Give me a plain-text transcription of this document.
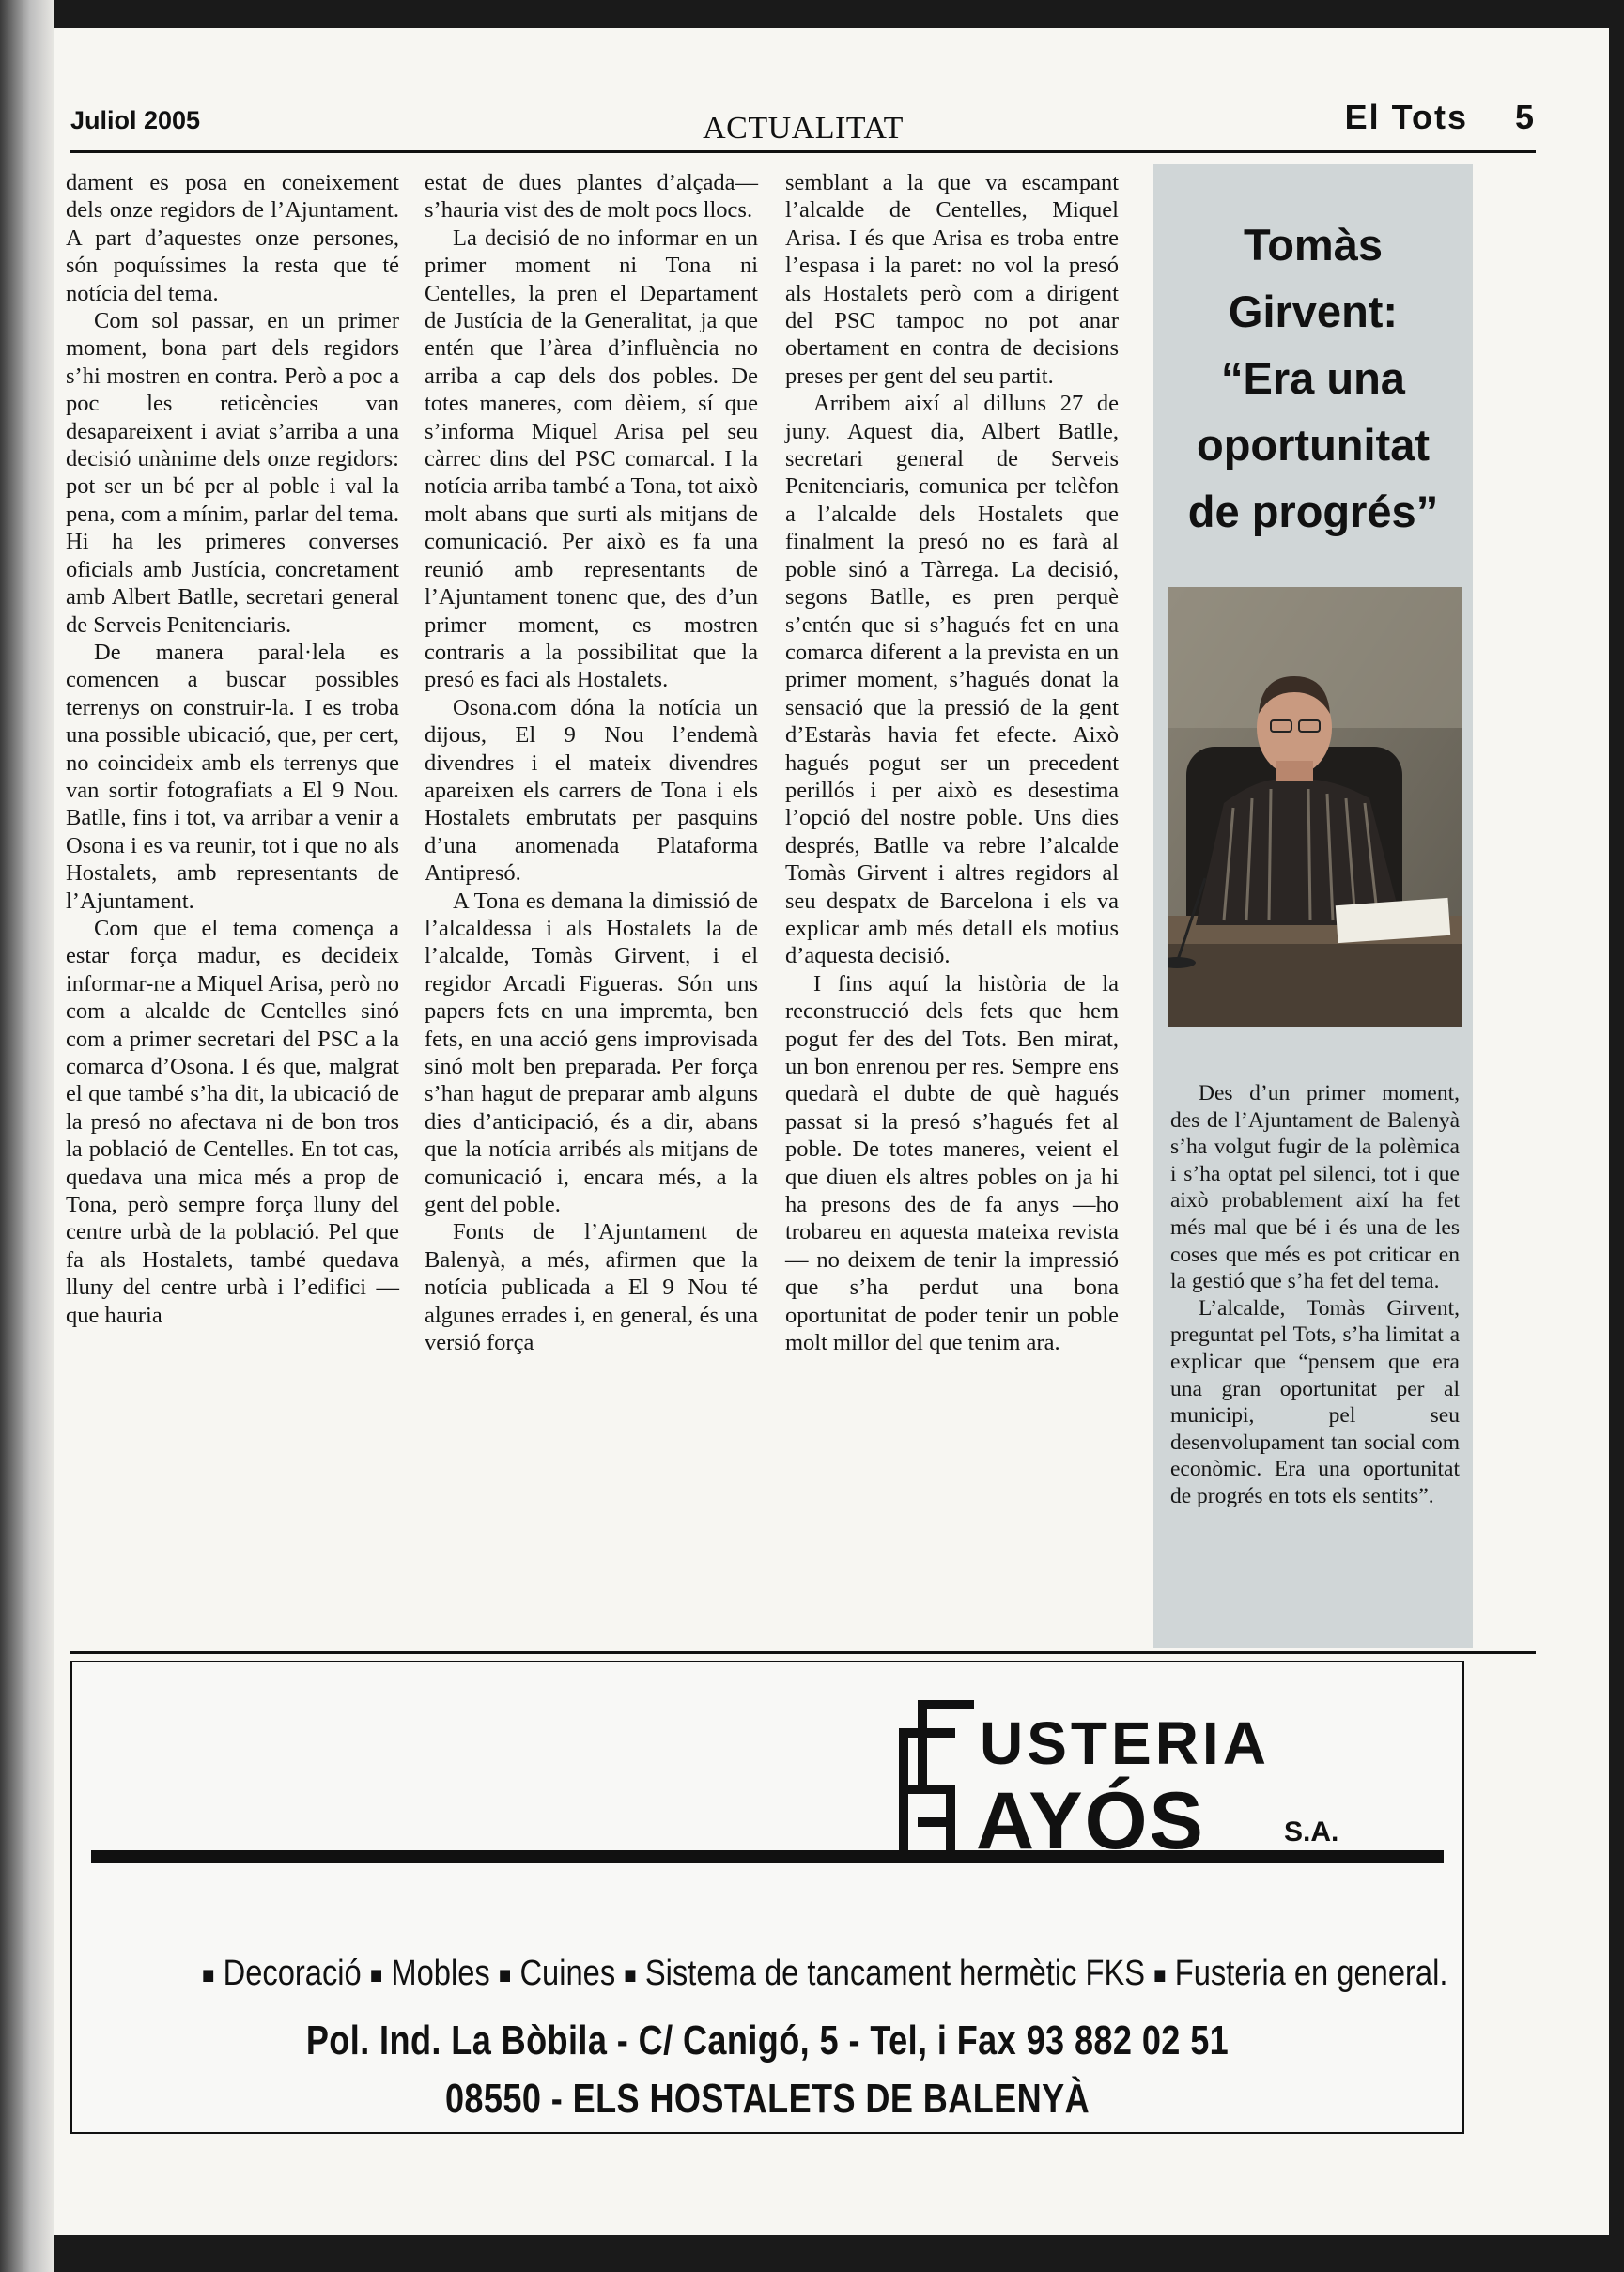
Juliol 2005	ACTUALITAT	El Tots 5

dament es posa en coneixement dels onze regidors de l’Ajuntament. A part d’aquestes onze persones, són poquíssimes la resta que té notícia del tema.

Com sol passar, en un primer moment, bona part dels regidors s’hi mostren en contra. Però a poc a poc les reticències van desapareixent i aviat s’arriba a una decisió unànime dels onze regidors: pot ser un bé per al poble i val la pena, com a mínim, parlar del tema. Hi ha les primeres converses oficials amb Justícia, concretament amb Albert Batlle, secretari general de Serveis Penitenciaris.

De manera paral·lela es comencen a buscar possibles terrenys on construir-la. I es troba una possible ubicació, que, per cert, no coincideix amb els terrenys que van sortir fotografiats a El 9 Nou. Batlle, fins i tot, va arribar a venir a Osona i es va reunir, tot i que no als Hostalets, amb representants de l’Ajuntament.

Com que el tema comença a estar força madur, es decideix informar-ne a Miquel Arisa, però no com a alcalde de Centelles sinó com a primer secretari del PSC a la comarca d’Osona. I és que, malgrat el que també s’ha dit, la ubicació de la presó no afectava ni de bon tros la població de Centelles. En tot cas, quedava una mica més a prop de Tona, però sempre força lluny del centre urbà de la població. Pel que fa als Hostalets, també quedava lluny del centre urbà i l’edifici —que hauria

estat de dues plantes d’alçada— s’hauria vist des de molt pocs llocs.

La decisió de no informar en un primer moment ni Tona ni Centelles, la pren el Departament de Justícia de la Generalitat, ja que entén que l’àrea d’influència no arriba a cap dels dos pobles. De totes maneres, com dèiem, sí que s’informa Miquel Arisa pel seu càrrec dins del PSC comarcal. I la notícia arriba també a Tona, tot això molt abans que surti als mitjans de comunicació. Per això es fa una reunió amb representants de l’Ajuntament tonenc que, des d’un primer moment, es mostren contraris a la possibilitat que la presó es faci als Hostalets.

Osona.com dóna la notícia un dijous, El 9 Nou l’endemà divendres i el mateix divendres apareixen els carrers de Tona i els Hostalets embrutats per pasquins d’una anomenada Plataforma Antipresó.

A Tona es demana la dimissió de l’alcaldessa i als Hostalets la de l’alcalde, Tomàs Girvent, i el regidor Arcadi Figueras. Són uns papers fets en una impremta, ben fets, en una acció gens improvisada sinó molt ben preparada. Per força s’han hagut de preparar amb alguns dies d’anticipació, és a dir, abans que la notícia arribés als mitjans de comunicació i, encara més, a la gent del poble.

Fonts de l’Ajuntament de Balenyà, a més, afirmen que la notícia publicada a El 9 Nou té algunes errades i, en general, és una versió força

semblant a la que va escampant l’alcalde de Centelles, Miquel Arisa. I és que Arisa es troba entre l’espasa i la paret: no vol la presó als Hostalets però com a dirigent del PSC tampoc no pot anar obertament en contra de decisions preses per gent del seu partit.

Arribem així al dilluns 27 de juny. Aquest dia, Albert Batlle, secretari general de Serveis Penitenciaris, comunica per telèfon a l’alcalde dels Hostalets que finalment la presó no es farà al poble sinó a Tàrrega. La decisió, segons Batlle, es pren perquè s’entén que si s’hagués fet en una comarca diferent a la prevista en un primer moment, s’hagués donat la sensació que la pressió de la gent d’Estaràs havia fet efecte. Això hagués pogut ser un precedent perillós i per això es desestima l’opció del nostre poble. Uns dies després, Batlle va rebre l’alcalde Tomàs Girvent i altres regidors al seu despatx de Barcelona i els va explicar amb més detall els motius d’aquesta decisió.

I fins aquí la història de la reconstrucció dels fets que hem pogut fer des del Tots. Ben mirat, un bon enrenou per res. Sempre ens quedarà el dubte de què hagués passat si la presó s’hagués fet al poble. De totes maneres, veient el que diuen els altres pobles on ja hi ha presons des de fa anys —ho trobareu en aquesta mateixa revista— no deixem de tenir la impressió que s’ha perdut una bona oportunitat de poder tenir un poble molt millor del que tenim ara.

Tomàs
Girvent:
“Era una
oportunitat
de progrés”

Des d’un primer moment, des de l’Ajuntament de Balenyà s’ha volgut fugir de la polèmica i s’ha optat pel silenci, tot i que això probablement així ha fet més mal que bé i és una de les coses que més es pot criticar en la gestió que s’ha fet del tema.

L’alcalde, Tomàs Girvent, preguntat pel Tots, s’ha limitat a explicar que “pensem que era una gran oportunitat per al municipi, pel seu desenvolupament tan social com econòmic. Era una oportunitat de progrés en tots els sentits”.

USTERIA
AYÓS	S.A.
■ Decoració ■ Mobles ■ Cuines ■ Sistema de tancament hermètic FKS ■ Fusteria en general.
Pol. Ind. La Bòbila - C/ Canigó, 5 - Tel, i Fax 93 882 02 51
08550 - ELS HOSTALETS DE BALENYÀ
